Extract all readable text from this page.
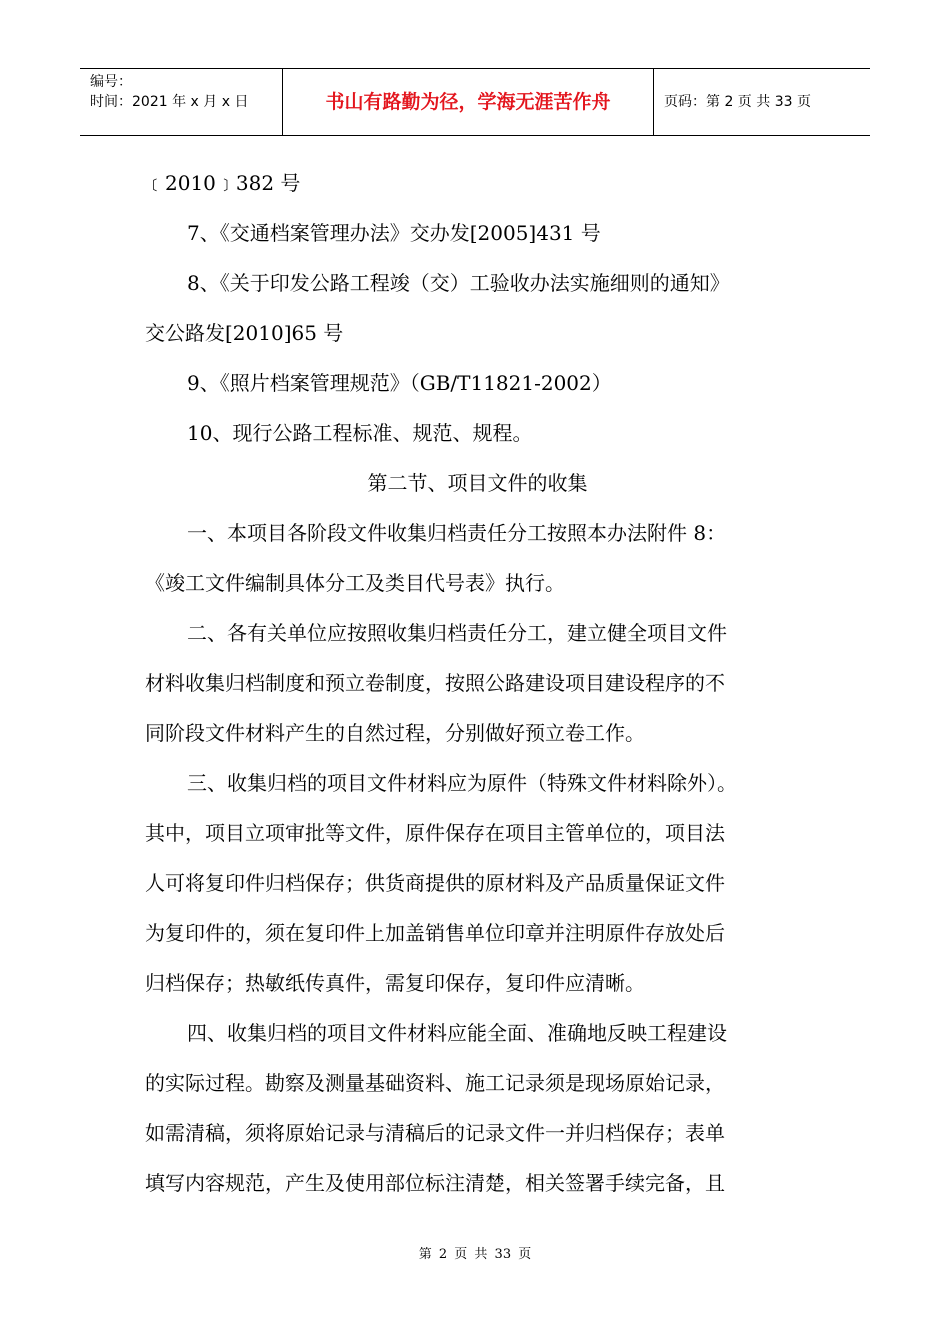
编号：
时间：2021 年 x 月 x 日	书山有路勤为径，学海无涯苦作舟	页码：第 2 页 共 33 页

﹝2010﹞382 号

7、《交通档案管理办法》交办发[2005]431 号

8、《关于印发公路工程竣（交）工验收办法实施细则的通知》

交公路发[2010]65 号

9、《照片档案管理规范》（GB/T11821-2002）

10、现行公路工程标准、规范、规程。

第二节、项目文件的收集

一、本项目各阶段文件收集归档责任分工按照本办法附件 8：

《竣工文件编制具体分工及类目代号表》执行。

二、各有关单位应按照收集归档责任分工，建立健全项目文件

材料收集归档制度和预立卷制度，按照公路建设项目建设程序的不

同阶段文件材料产生的自然过程，分别做好预立卷工作。

三、收集归档的项目文件材料应为原件（特殊文件材料除外）。

其中，项目立项审批等文件，原件保存在项目主管单位的，项目法

人可将复印件归档保存；供货商提供的原材料及产品质量保证文件

为复印件的，须在复印件上加盖销售单位印章并注明原件存放处后

归档保存；热敏纸传真件，需复印保存，复印件应清晰。

四、收集归档的项目文件材料应能全面、准确地反映工程建设

的实际过程。勘察及测量基础资料、施工记录须是现场原始记录，

如需清稿，须将原始记录与清稿后的记录文件一并归档保存；表单

填写内容规范，产生及使用部位标注清楚，相关签署手续完备，且

第 2 页 共 33 页
